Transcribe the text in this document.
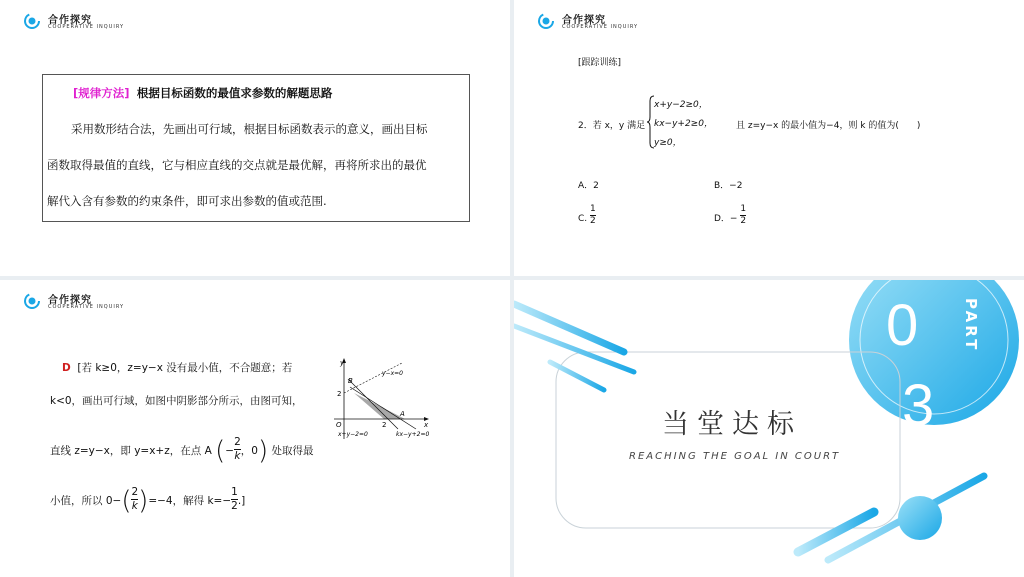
合作探究
COOPERATIVE INQUIRY

[规律方法] 根据目标函数的最值求参数的解题思路

采用数形结合法，先画出可行域，根据目标函数表示的意义，画出目标

函数取得最值的直线，它与相应直线的交点就是最优解，再将所求出的最优

解代入含有参数的约束条件，即可求出参数的值或范围.

合作探究
COOPERATIVE INQUIRY
[跟踪训练]
2．若 x，y 满足
x+y−2≥0，
kx−y+2≥0，
y≥0，
且 z=y−x 的最小值为−4，则 k 的值为(　　)
A．2	B．−2
C. $\frac{1}{2}$	D．− $\frac{1}{2}$
合作探究
COOPERATIVE INQUIRY
D [若 k≥0，z=y−x 没有最小值，不合题意；若
k<0，画出可行域，如图中阴影部分所示，由图可知，
直线 z=y−x，即 y=x+z，在点 A (− $\frac{2}{k}$ ，0) 处取得最
小值，所以 $0-( \frac{2}{k} )=-4$，解得 $k=- \frac{1}{2}$ .]
y
x
O
2
2
B
A
y−x=0
x+y−2=0	kx−y+2=0
0
3
PART
当堂达标
REACHING THE GOAL IN COURT
